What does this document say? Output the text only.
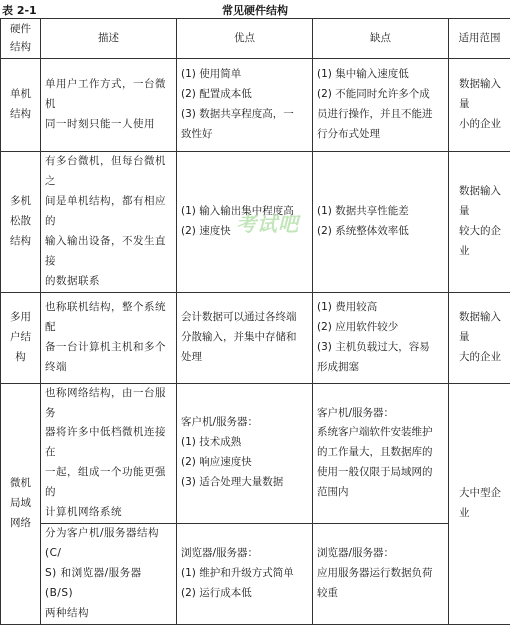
表 2-1	常见硬件结构
硬件
结构	描述	优点	缺点	适用范围

单机
结构	单用户工作方式，一台微机
同一时刻只能一人使用	(1) 使用简单
(2) 配置成本低
(3) 数据共享程度高，一
致性好	(1) 集中输入速度低
(2) 不能同时允许多个成
员进行操作，并且不能进
行分布式处理	数据输入量
小的企业

多机
松散
结构	有多台微机，但每台微机之
间是单机结构，都有相应的
输入输出设备，不发生直接
的数据联系	(1) 输入输出集中程度高
(2) 速度快	(1) 数据共享性能差
(2) 系统整体效率低	数据输入量
较大的企业

多用
户结
构	也称联机结构，整个系统配
备一台计算机主机和多个
终端	会计数据可以通过各终端
分散输入，并集中存储和
处理	(1) 费用较高
(2) 应用软件较少
(3) 主机负载过大，容易
形成拥塞	数据输入量
大的企业

微机
局域
网络	也称网络结构，由一台服务
器将许多中低档微机连接在
一起，组成一个功能更强的
计算机网络系统	客户机/服务器：
(1) 技术成熟
(2) 响应速度快
(3) 适合处理大量数据	客户机/服务器：
系统客户端软件安装维护
的工作量大，且数据库的
使用一般仅限于局域网的
范围内	大中型企业

	分为客户机/服务器结构 (C/
S) 和浏览器/服务器 (B/S)
两种结构	浏览器/服务器：
(1) 维护和升级方式简单
(2) 运行成本低	浏览器/服务器：
应用服务器运行数据负荷
较重	
考试吧
